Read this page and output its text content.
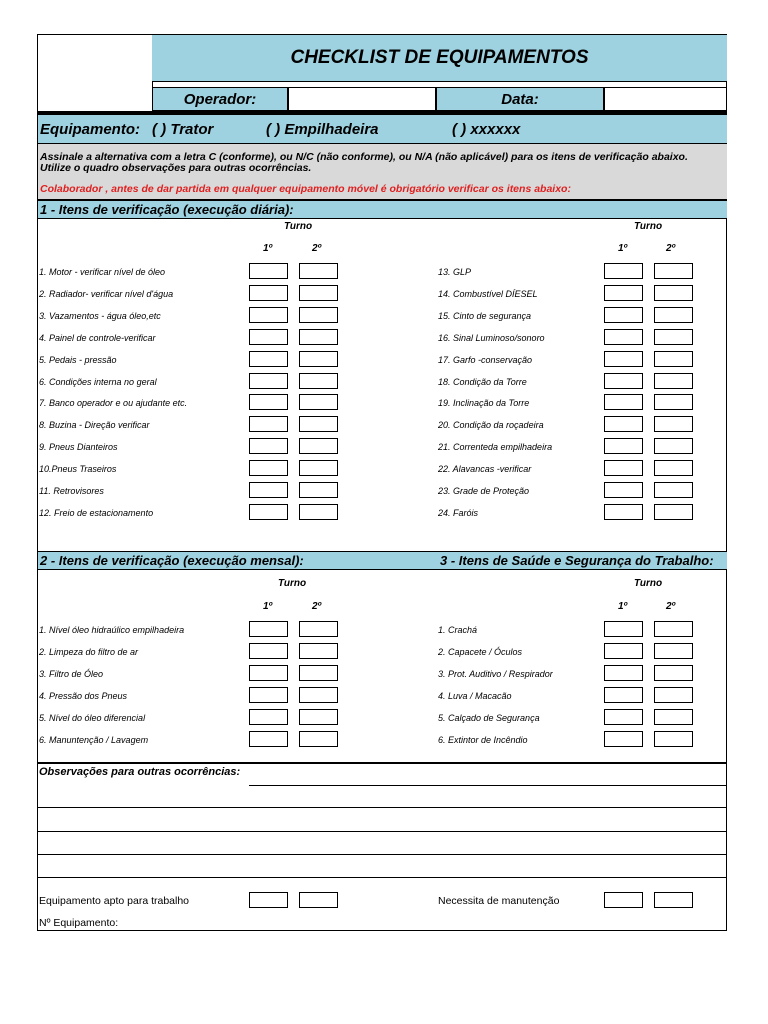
CHECKLIST DE EQUIPAMENTOS
Operador:	Data:
Equipamento: ( ) Trator	( ) Empilhadeira	( ) xxxxxx
Assinale a alternativa com a letra C (conforme), ou N/C (não conforme), ou N/A (não aplicável) para os itens de verificação abaixo.
Utilize o quadro observações para outras ocorrências.
Colaborador , antes de dar partida em qualquer equipamento móvel é obrigatório verificar os itens abaixo:
1 - Itens de verificação (execução diária):
Turno
1º	2º
Turno
1º	2º
1. Motor - verificar nível de óleo
2. Radiador- verificar nível d'água
3. Vazamentos - água óleo,etc
4. Painel de controle-verificar
5. Pedais - pressão
6. Condições interna no geral
7. Banco operador e ou ajudante etc.
8. Buzina - Direção verificar
9. Pneus Dianteiros
10.Pneus Traseiros
11. Retrovisores
12. Freio de estacionamento
13. GLP
14. Combustível DÍESEL
15. Cinto de segurança
16. Sinal Luminoso/sonoro
17. Garfo -conservação
18. Condição da Torre
19. Inclinação da Torre
20. Condição da roçadeira
21. Correnteda empilhadeira
22. Alavancas -verificar
23. Grade de Proteção
24. Faróis
2 - Itens de verificação (execução mensal):	3 - Itens de Saúde e Segurança do Trabalho:
Turno
1º	2º
Turno
1º	2º
1. Nível óleo hidraúlico empilhadeira
2. Limpeza do filtro de ar
3. Filtro de Óleo
4. Pressão dos Pneus
5. Nível do óleo diferencial
6. Manuntenção / Lavagem
1. Crachá
2. Capacete / Óculos
3. Prot. Auditivo / Respirador
4. Luva / Macacão
5. Calçado de Segurança
6. Extintor de Incêndio
Observações para outras ocorrências:
Equipamento apto para trabalho	Necessita de manutenção
Nº Equipamento:
